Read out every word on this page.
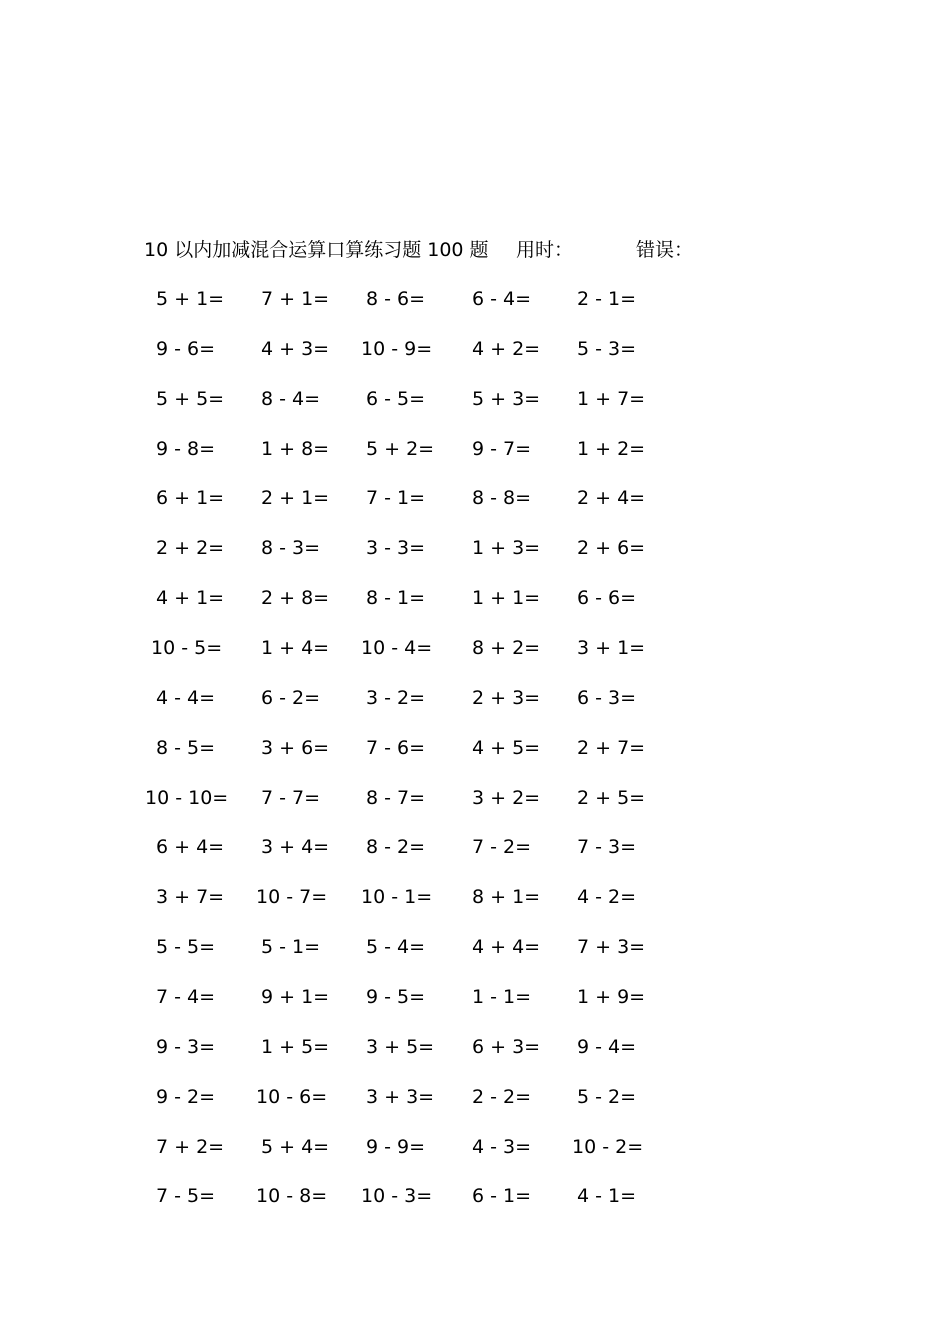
10 以内加减混合运算口算练习题 100 题 用时：	错误：
5 + 1=	7 + 1=	8 - 6=	6 - 4=	2 - 1=
9 - 6=	4 + 3=	10 - 9=	4 + 2=	5 - 3=
5 + 5=	8 - 4=	6 - 5=	5 + 3=	1 + 7=
9 - 8=	1 + 8=	5 + 2=	9 - 7=	1 + 2=
6 + 1=	2 + 1=	7 - 1=	8 - 8=	2 + 4=
2 + 2=	8 - 3=	3 - 3=	1 + 3=	2 + 6=
4 + 1=	2 + 8=	8 - 1=	1 + 1=	6 - 6=
10 - 5=	1 + 4=	10 - 4=	8 + 2=	3 + 1=
4 - 4=	6 - 2=	3 - 2=	2 + 3=	6 - 3=
8 - 5=	3 + 6=	7 - 6=	4 + 5=	2 + 7=
10 - 10=	7 - 7=	8 - 7=	3 + 2=	2 + 5=
6 + 4=	3 + 4=	8 - 2=	7 - 2=	7 - 3=
3 + 7=	10 - 7=	10 - 1=	8 + 1=	4 - 2=
5 - 5=	5 - 1=	5 - 4=	4 + 4=	7 + 3=
7 - 4=	9 + 1=	9 - 5=	1 - 1=	1 + 9=
9 - 3=	1 + 5=	3 + 5=	6 + 3=	9 - 4=
9 - 2=	10 - 6=	3 + 3=	2 - 2=	5 - 2=
7 + 2=	5 + 4=	9 - 9=	4 - 3=	10 - 2=
7 - 5=	10 - 8=	10 - 3=	6 - 1=	4 - 1=
